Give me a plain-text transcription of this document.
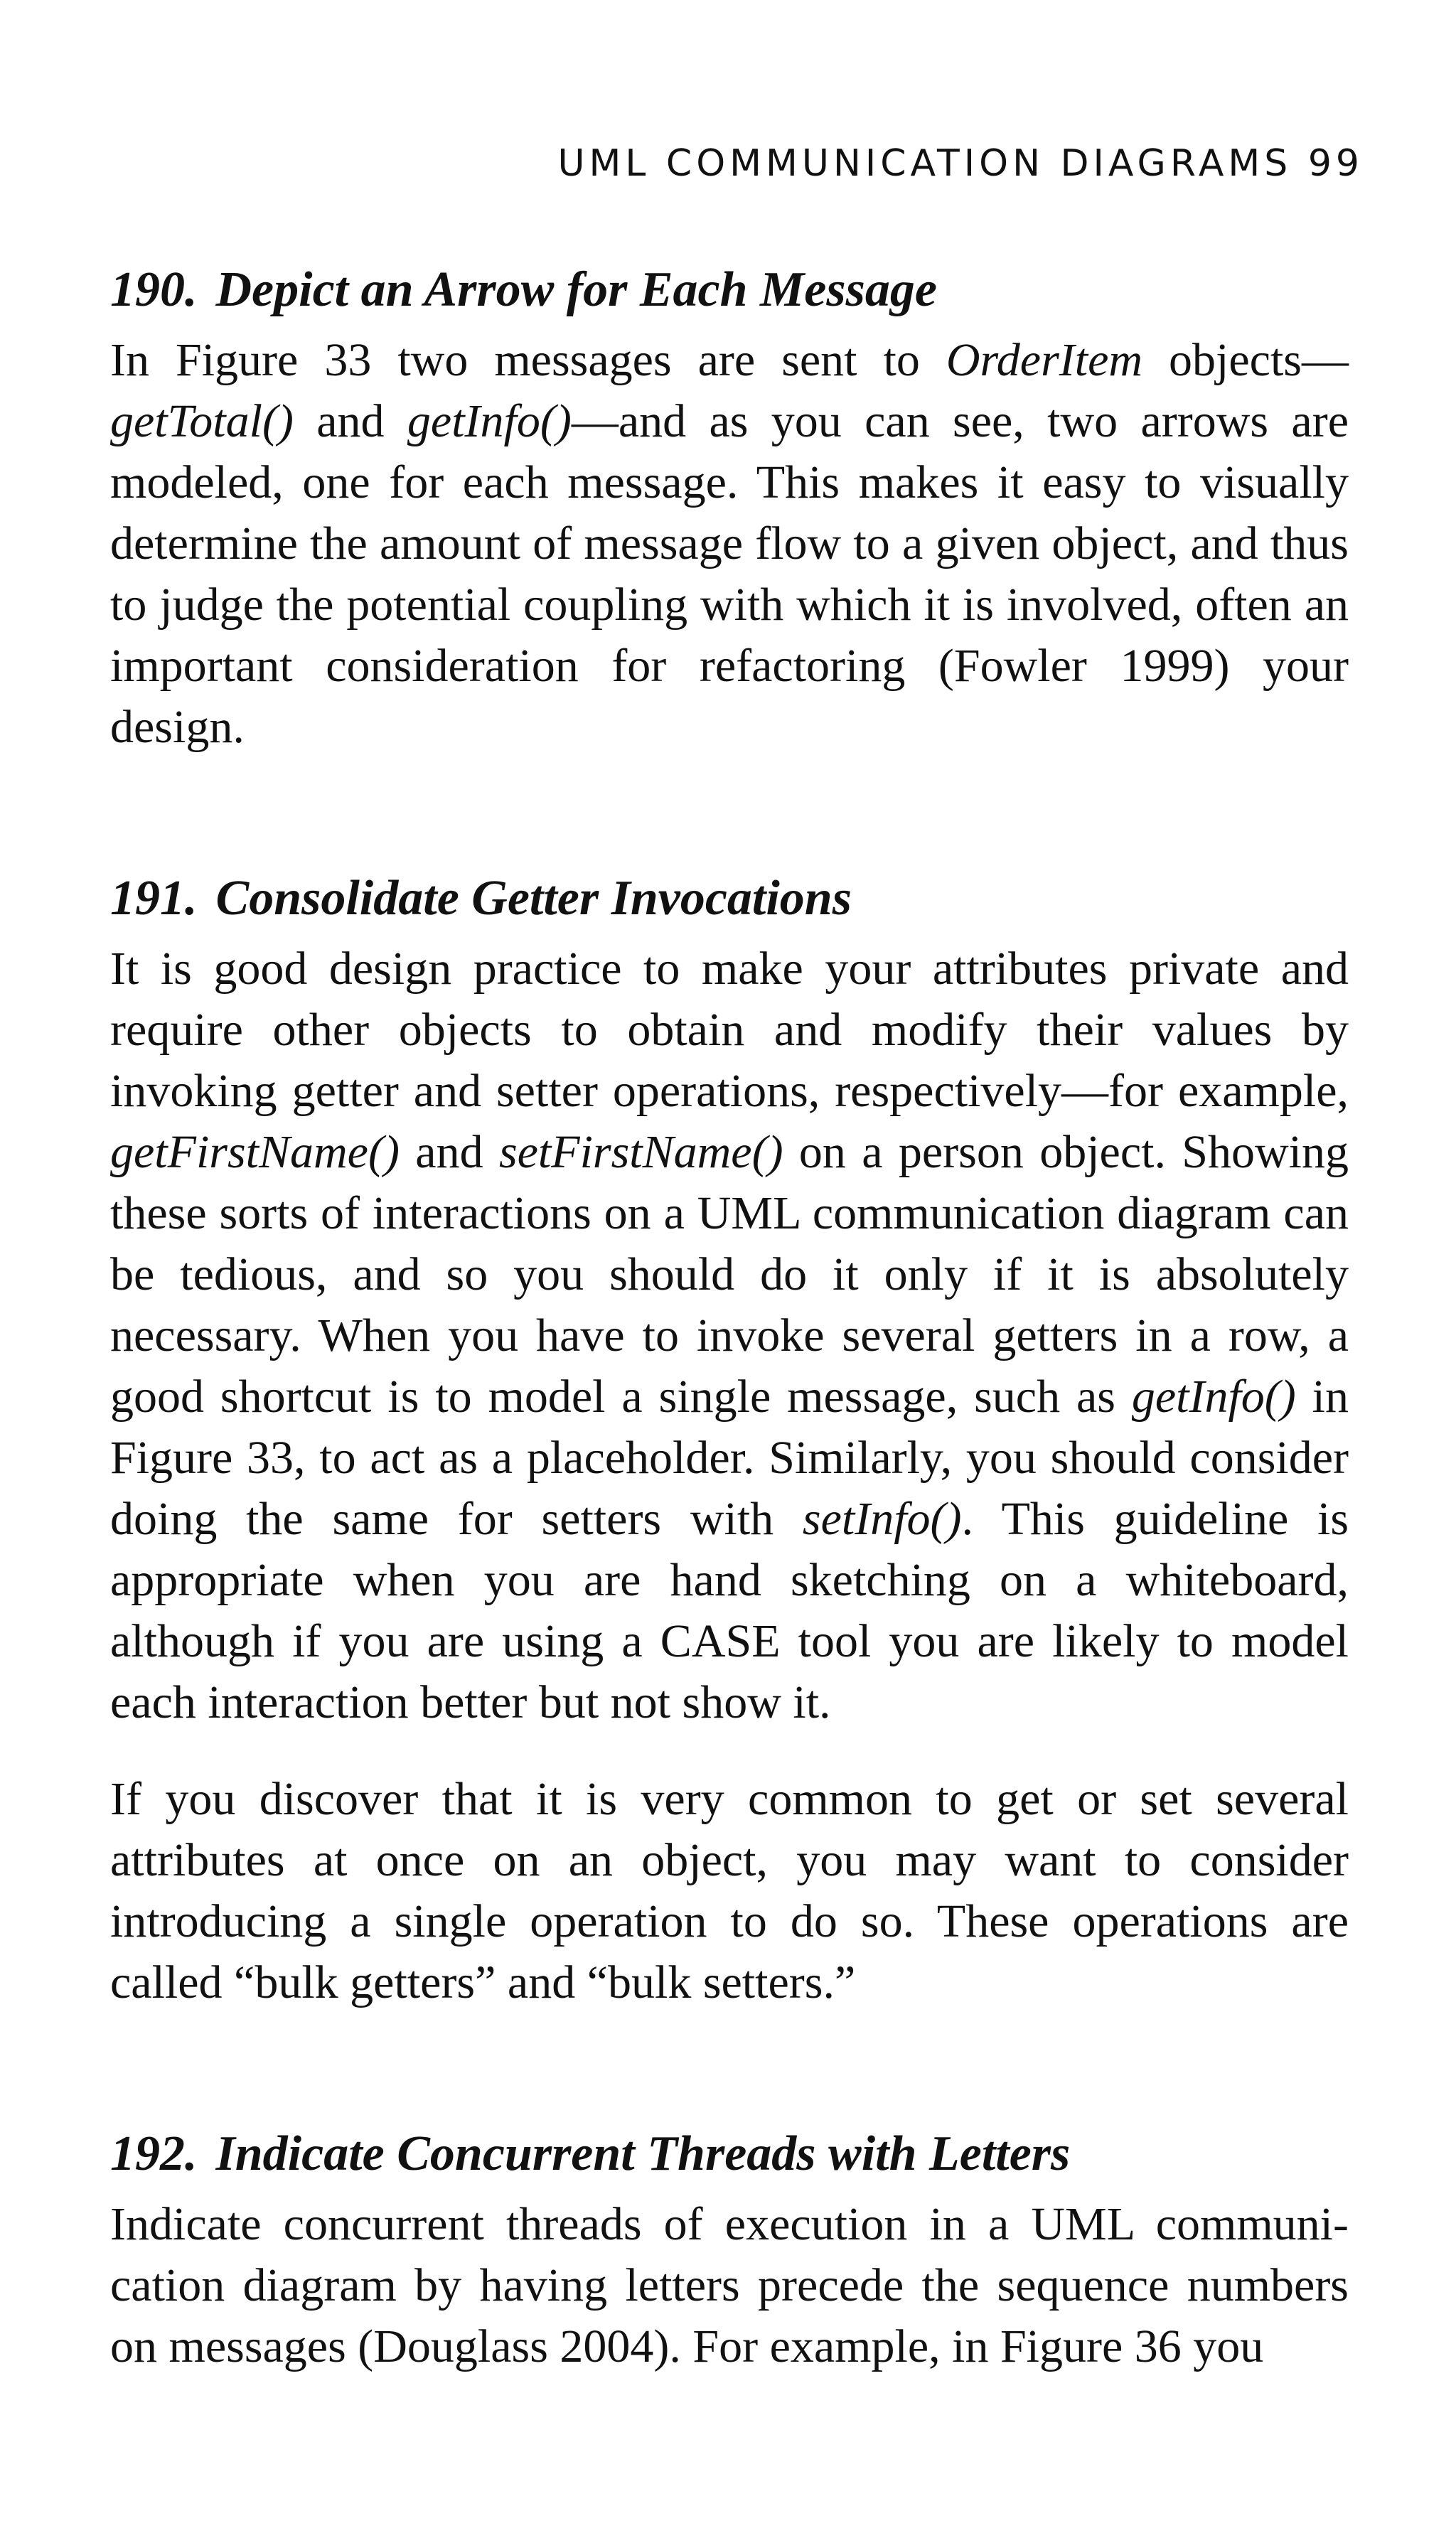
UML COMMUNICATION DIAGRAMS 99
190. Depict an Arrow for Each Message

In Figure 33 two messages are sent to OrderItem objects—getTotal() and getInfo()—and as you can see, two arrows are modeled, one for each message. This makes it easy to visually determine the amount of message flow to a given object, and thus to judge the potential coupling with which it is involved, often an important consideration for refactoring (Fowler 1999) your design.

191. Consolidate Getter Invocations

It is good design practice to make your attributes private and require other objects to obtain and modify their values by invoking getter and setter operations, respectively—for example, getFirstName() and setFirstName() on a person object. Showing these sorts of interactions on a UML communication diagram can be tedious, and so you should do it only if it is absolutely necessary. When you have to invoke several getters in a row, a good shortcut is to model a single message, such as getInfo() in Figure 33, to act as a placeholder. Similarly, you should consider doing the same for setters with setInfo(). This guideline is appropriate when you are hand sketching on a whiteboard, although if you are using a CASE tool you are likely to model each interaction better but not show it.

If you discover that it is very common to get or set several attributes at once on an object, you may want to consider introducing a single operation to do so. These operations are called “bulk getters” and “bulk setters.”

192. Indicate Concurrent Threads with Letters

Indicate concurrent threads of execution in a UML communication diagram by having letters precede the sequence numbers on messages (Douglass 2004). For example, in Figure 36 you
